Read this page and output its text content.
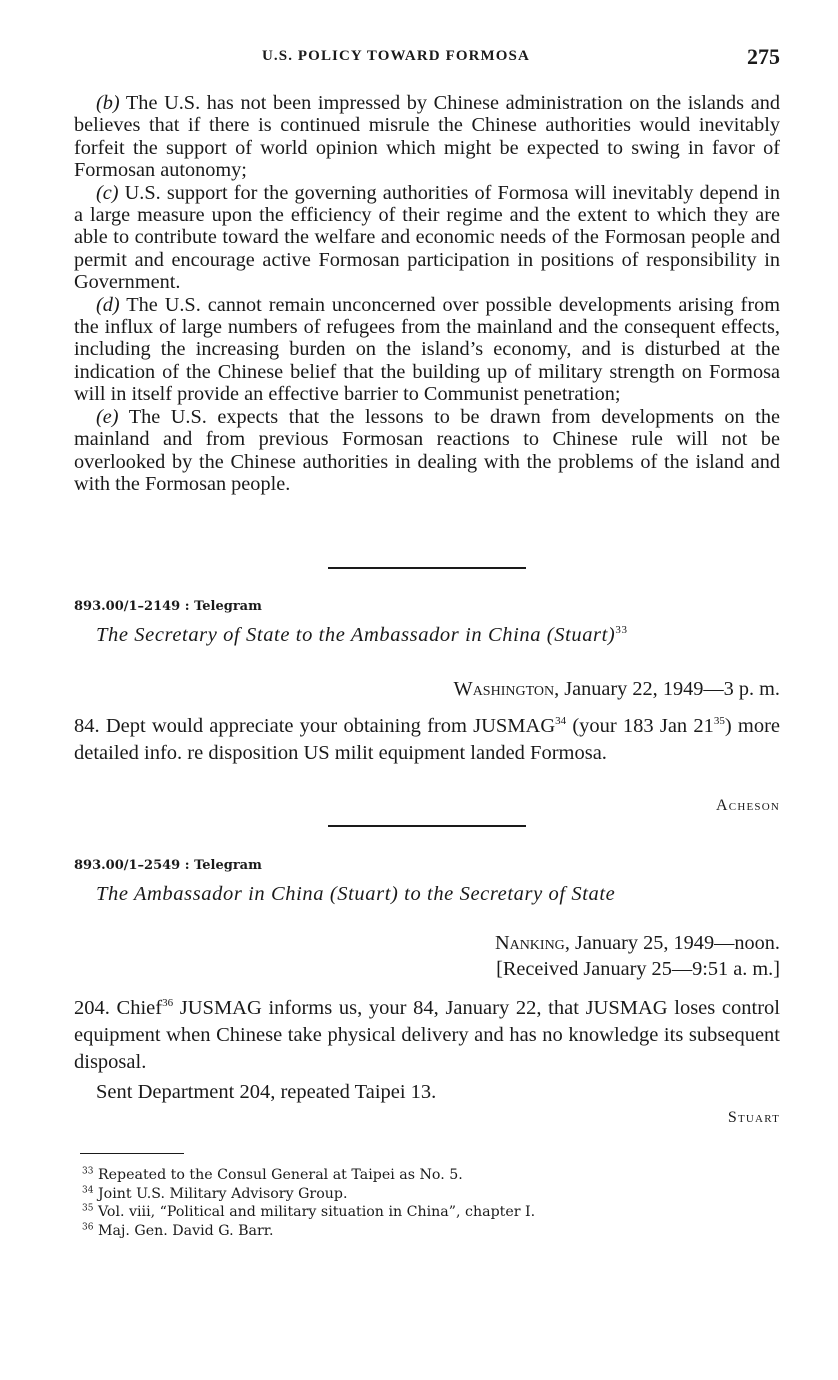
U.S. POLICY TOWARD FORMOSA	275

(b) The U.S. has not been impressed by Chinese administration on the islands and believes that if there is continued misrule the Chinese authorities would inevitably forfeit the support of world opinion which might be expected to swing in favor of Formosan autonomy;

(c) U.S. support for the governing authorities of Formosa will inevitably depend in a large measure upon the efficiency of their regime and the extent to which they are able to contribute toward the welfare and economic needs of the Formosan people and permit and encourage active Formosan participation in positions of responsibility in Government.

(d) The U.S. cannot remain unconcerned over possible developments arising from the influx of large numbers of refugees from the mainland and the consequent effects, including the increasing burden on the island’s economy, and is disturbed at the indication of the Chinese belief that the building up of military strength on Formosa will in itself provide an effective barrier to Communist penetration;

(e) The U.S. expects that the lessons to be drawn from developments on the mainland and from previous Formosan reactions to Chinese rule will not be overlooked by the Chinese authorities in dealing with the problems of the island and with the Formosan people.

893.00/1–2149 : Telegram
The Secretary of State to the Ambassador in China (Stuart)$^{33}$
Washington, January 22, 1949—3 p. m.

84. Dept would appreciate your obtaining from JUSMAG$^{34}$ (your 183 Jan $21^{35}$) more detailed info. re disposition US milit equipment landed Formosa.

Acheson
893.00/1–2549 : Telegram
The Ambassador in China (Stuart) to the Secretary of State
Nanking, January 25, 1949—noon.
[Received January 25—9:51 a. m.]

204. Chief$^{36}$ JUSMAG informs us, your 84, January 22, that JUSMAG loses control equipment when Chinese take physical delivery and has no knowledge its subsequent disposal.

Sent Department 204, repeated Taipei 13.

Stuart

$^{33}$ Repeated to the Consul General at Taipei as No. 5.

$^{34}$ Joint U.S. Military Advisory Group.

$^{35}$ Vol. viii, “Political and military situation in China”, chapter I.

$^{36}$ Maj. Gen. David G. Barr.
